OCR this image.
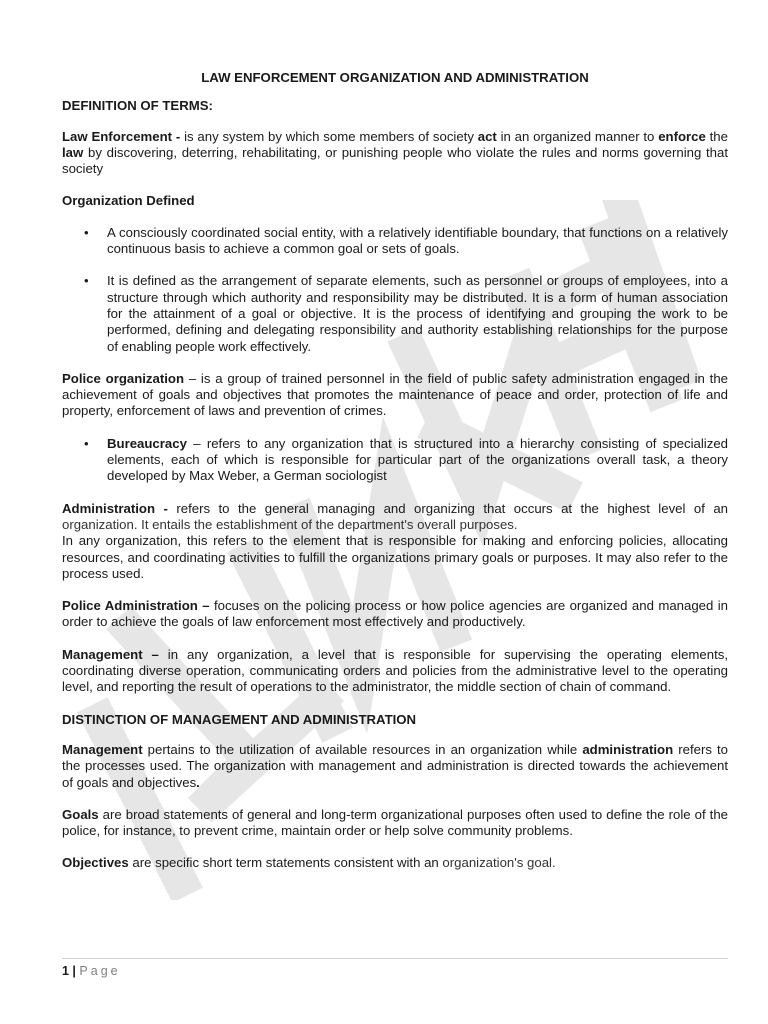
LAW ENFORCEMENT ORGANIZATION AND ADMINISTRATION
DEFINITION OF TERMS:

Law Enforcement - is any system by which some members of society act in an organized manner to enforce the law by discovering, deterring, rehabilitating, or punishing people who violate the rules and norms governing that society

Organization Defined
• A consciously coordinated social entity, with a relatively identifiable boundary, that functions on a relatively continuous basis to achieve a common goal or sets of goals.
• It is defined as the arrangement of separate elements, such as personnel or groups of employees, into a structure through which authority and responsibility may be distributed. It is a form of human association for the attainment of a goal or objective. It is the process of identifying and grouping the work to be performed, defining and delegating responsibility and authority establishing relationships for the purpose of enabling people work effectively.

Police organization – is a group of trained personnel in the field of public safety administration engaged in the achievement of goals and objectives that promotes the maintenance of peace and order, protection of life and property, enforcement of laws and prevention of crimes.

• Bureaucracy – refers to any organization that is structured into a hierarchy consisting of specialized elements, each of which is responsible for particular part of the organizations overall task, a theory developed by Max Weber, a German sociologist

Administration - refers to the general managing and organizing that occurs at the highest level of an organization. It entails the establishment of the department's overall purposes.
In any organization, this refers to the element that is responsible for making and enforcing policies, allocating resources, and coordinating activities to fulfill the organizations primary goals or purposes. It may also refer to the process used.

Police Administration – focuses on the policing process or how police agencies are organized and managed in order to achieve the goals of law enforcement most effectively and productively.

Management – in any organization, a level that is responsible for supervising the operating elements, coordinating diverse operation, communicating orders and policies from the administrative level to the operating level, and reporting the result of operations to the administrator, the middle section of chain of command.

DISTINCTION OF MANAGEMENT AND ADMINISTRATION

Management pertains to the utilization of available resources in an organization while administration refers to the processes used. The organization with management and administration is directed towards the achievement of goals and objectives.

Goals are broad statements of general and long-term organizational purposes often used to define the role of the police, for instance, to prevent crime, maintain order or help solve community problems.

Objectives are specific short term statements consistent with an organization's goal.

1 | Page
